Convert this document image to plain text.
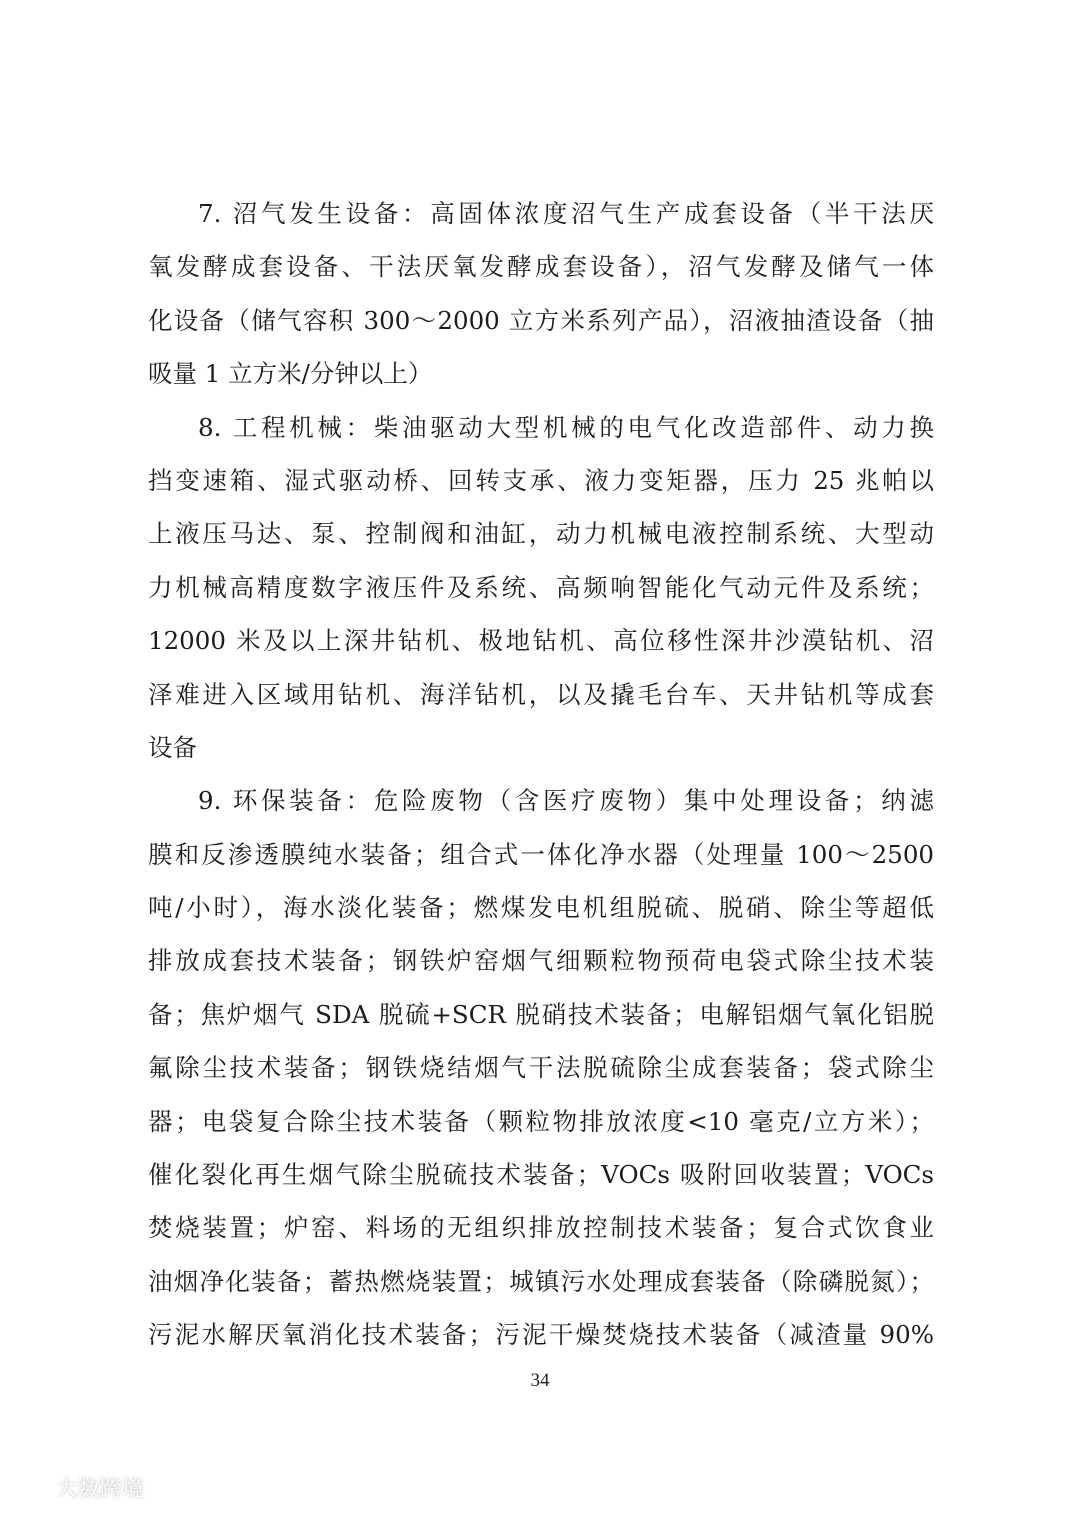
7. 沼气发生设备：高固体浓度沼气生产成套设备（半干法厌
氧发酵成套设备、干法厌氧发酵成套设备），沼气发酵及储气一体
化设备（储气容积 300～2000 立方米系列产品），沼液抽渣设备（抽
吸量 1 立方米/分钟以上）
8. 工程机械：柴油驱动大型机械的电气化改造部件、动力换
挡变速箱、湿式驱动桥、回转支承、液力变矩器，压力 25 兆帕以
上液压马达、泵、控制阀和油缸，动力机械电液控制系统、大型动
力机械高精度数字液压件及系统、高频响智能化气动元件及系统；
12000 米及以上深井钻机、极地钻机、高位移性深井沙漠钻机、沼
泽难进入区域用钻机、海洋钻机，以及撬毛台车、天井钻机等成套
设备
9. 环保装备：危险废物（含医疗废物）集中处理设备；纳滤
膜和反渗透膜纯水装备；组合式一体化净水器（处理量 100～2500
吨/小时），海水淡化装备；燃煤发电机组脱硫、脱硝、除尘等超低
排放成套技术装备；钢铁炉窑烟气细颗粒物预荷电袋式除尘技术装
备；焦炉烟气 SDA 脱硫+SCR 脱硝技术装备；电解铝烟气氧化铝脱
氟除尘技术装备；钢铁烧结烟气干法脱硫除尘成套装备；袋式除尘
器；电袋复合除尘技术装备（颗粒物排放浓度<10 毫克/立方米）；
催化裂化再生烟气除尘脱硫技术装备；VOCs 吸附回收装置；VOCs
焚烧装置；炉窑、料场的无组织排放控制技术装备；复合式饮食业
油烟净化装备；蓄热燃烧装置；城镇污水处理成套装备（除磷脱氮）；
污泥水解厌氧消化技术装备；污泥干燥焚烧技术装备（减渣量 90%
34
大数跨境
